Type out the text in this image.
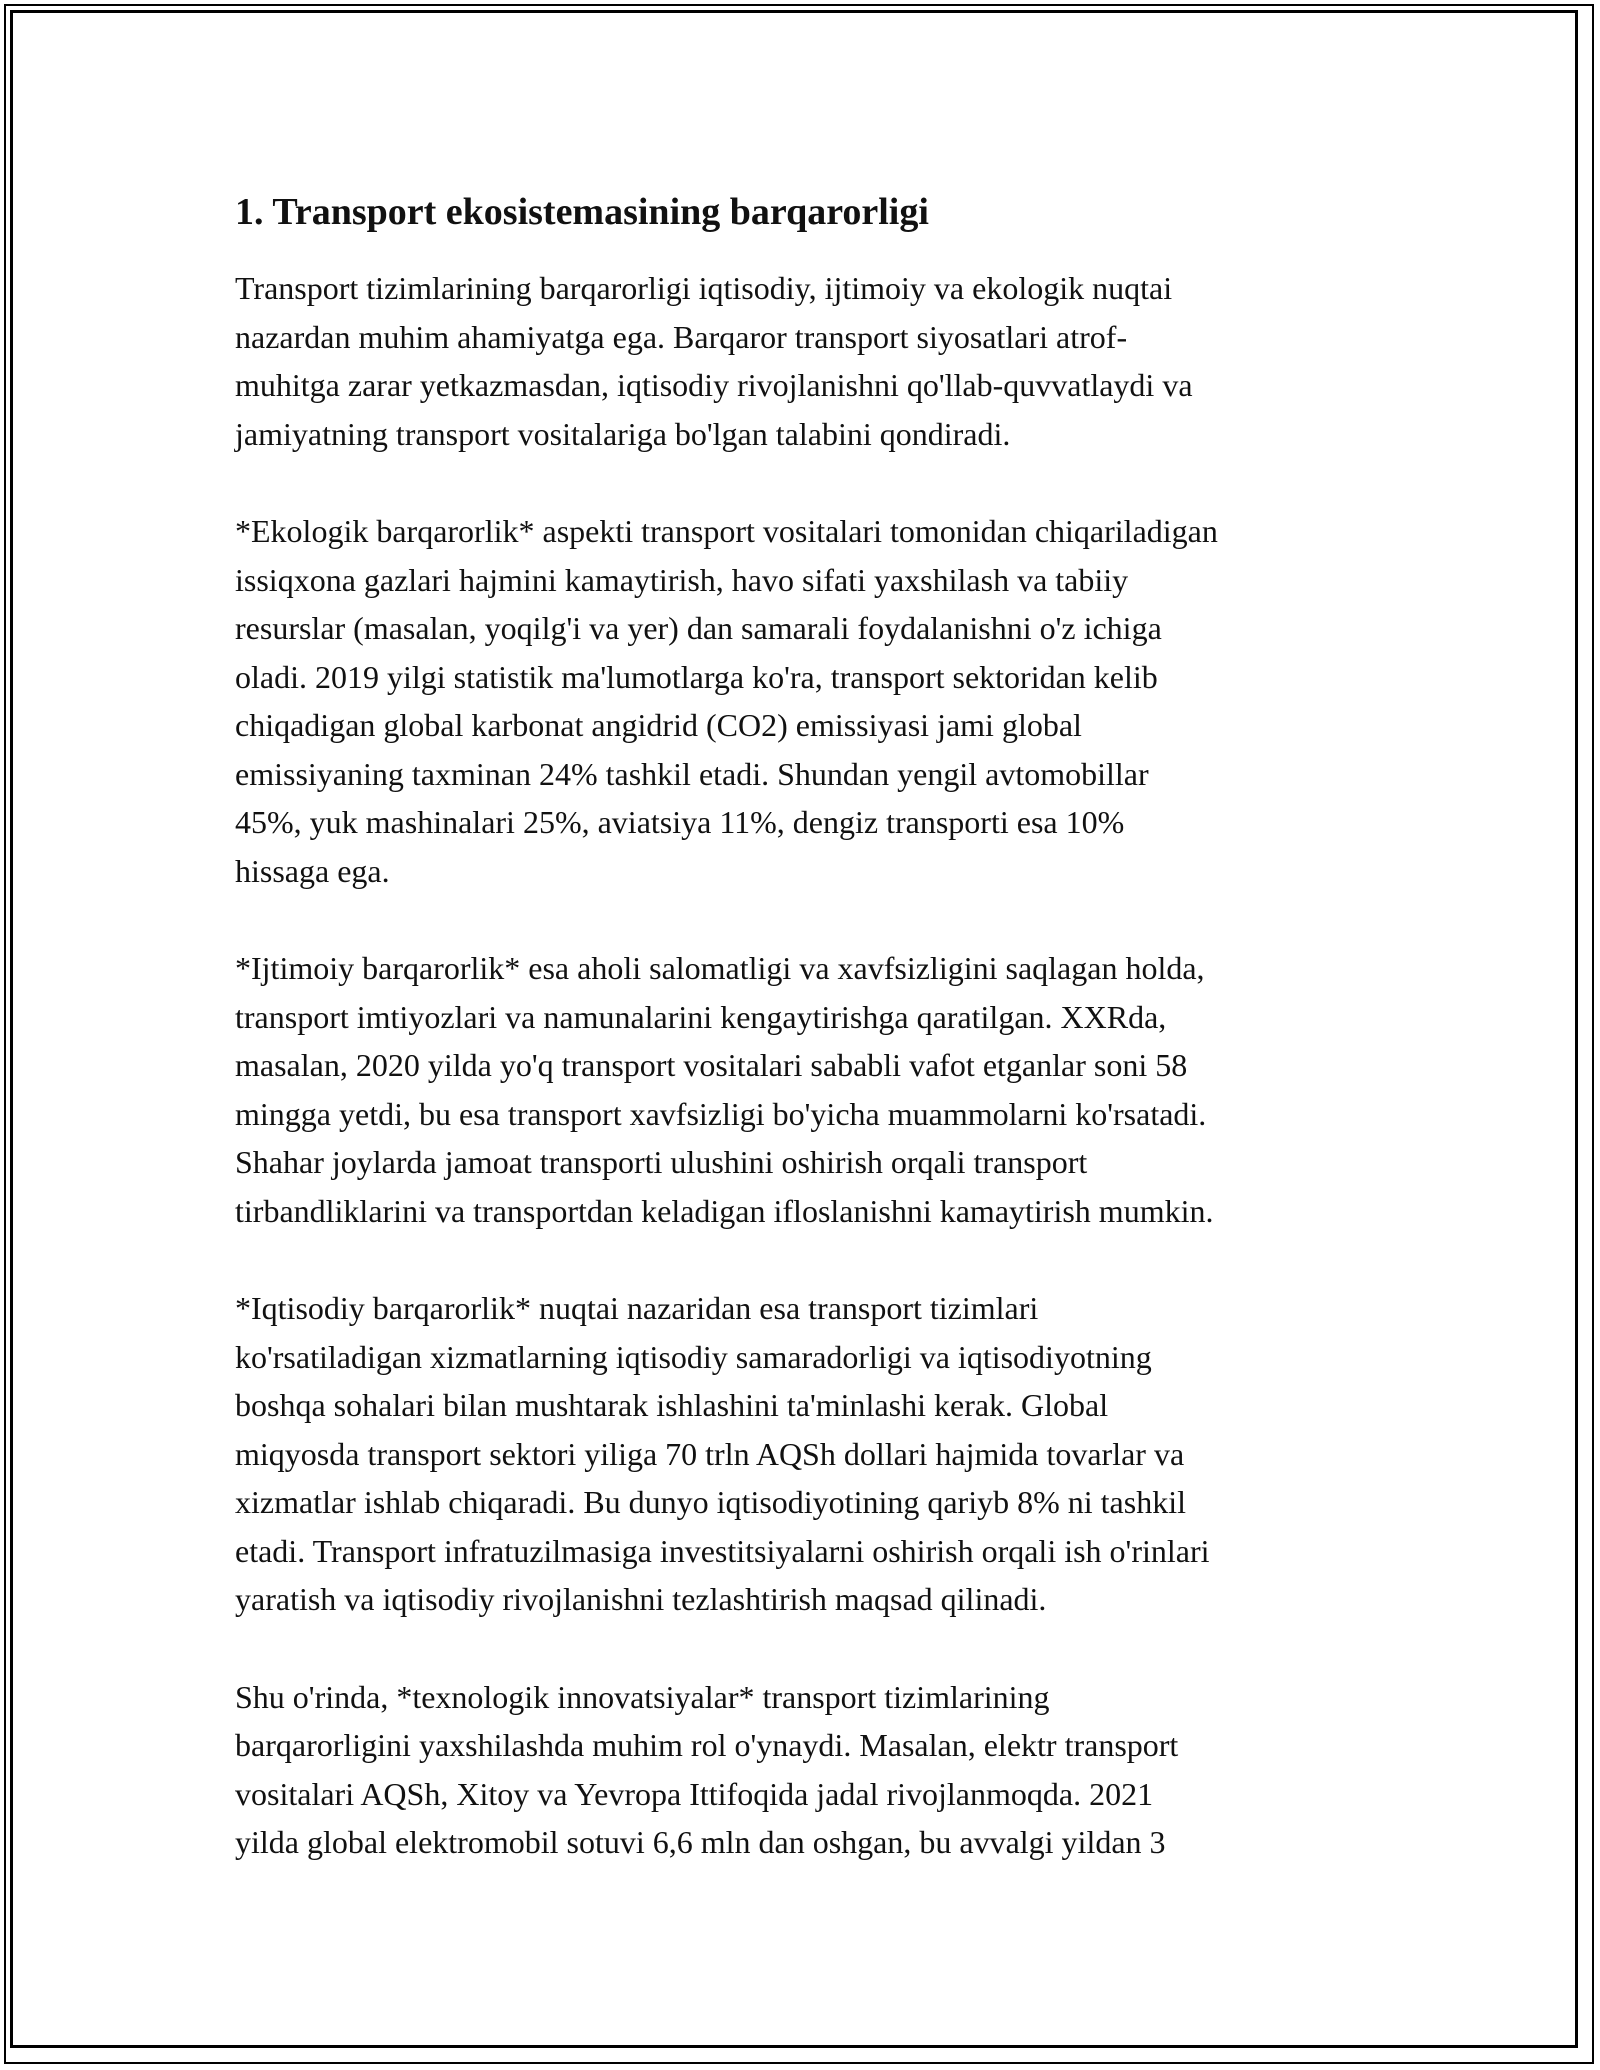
1. Transport ekosistemasining barqarorligi
Transport tizimlarining barqarorligi iqtisodiy, ijtimoiy va ekologik nuqtai
nazardan muhim ahamiyatga ega. Barqaror transport siyosatlari atrof-
muhitga zarar yetkazmasdan, iqtisodiy rivojlanishni qo'llab-quvvatlaydi va
jamiyatning transport vositalariga bo'lgan talabini qondiradi.
*Ekologik barqarorlik* aspekti transport vositalari tomonidan chiqariladigan
issiqxona gazlari hajmini kamaytirish, havo sifati yaxshilash va tabiiy
resurslar (masalan, yoqilg'i va yer) dan samarali foydalanishni o'z ichiga
oladi. 2019 yilgi statistik ma'lumotlarga ko'ra, transport sektoridan kelib
chiqadigan global karbonat angidrid (CO2) emissiyasi jami global
emissiyaning taxminan 24% tashkil etadi. Shundan yengil avtomobillar
45%, yuk mashinalari 25%, aviatsiya 11%, dengiz transporti esa 10%
hissaga ega.
*Ijtimoiy barqarorlik* esa aholi salomatligi va xavfsizligini saqlagan holda,
transport imtiyozlari va namunalarini kengaytirishga qaratilgan. XXRda,
masalan, 2020 yilda yo'q transport vositalari sababli vafot etganlar soni 58
mingga yetdi, bu esa transport xavfsizligi bo'yicha muammolarni ko'rsatadi.
Shahar joylarda jamoat transporti ulushini oshirish orqali transport
tirbandliklarini va transportdan keladigan ifloslanishni kamaytirish mumkin.
*Iqtisodiy barqarorlik* nuqtai nazaridan esa transport tizimlari
ko'rsatiladigan xizmatlarning iqtisodiy samaradorligi va iqtisodiyotning
boshqa sohalari bilan mushtarak ishlashini ta'minlashi kerak. Global
miqyosda transport sektori yiliga 70 trln AQSh dollari hajmida tovarlar va
xizmatlar ishlab chiqaradi. Bu dunyo iqtisodiyotining qariyb 8% ni tashkil
etadi. Transport infratuzilmasiga investitsiyalarni oshirish orqali ish o'rinlari
yaratish va iqtisodiy rivojlanishni tezlashtirish maqsad qilinadi.
Shu o'rinda, *texnologik innovatsiyalar* transport tizimlarining
barqarorligini yaxshilashda muhim rol o'ynaydi. Masalan, elektr transport
vositalari AQSh, Xitoy va Yevropa Ittifoqida jadal rivojlanmoqda. 2021
yilda global elektromobil sotuvi 6,6 mln dan oshgan, bu avvalgi yildan 3
